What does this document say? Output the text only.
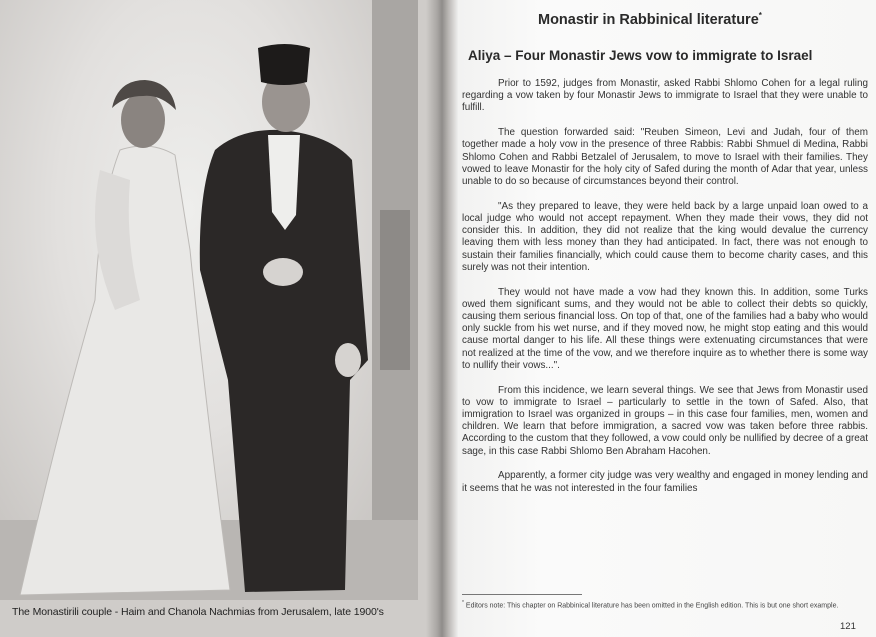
The Monastirili couple - Haim and Chanola Nachmias from Jerusalem, late 1900's
Monastir in Rabbinical literature*
Aliya – Four Monastir Jews vow to immigrate to Israel

Prior to 1592, judges from Monastir, asked Rabbi Shlomo Cohen for a legal ruling regarding a vow taken by four Monastir Jews to immigrate to Israel that they were unable to fulfill.

The question forwarded said: "Reuben Simeon, Levi and Judah, four of them together made a holy vow in the presence of three Rabbis: Rabbi Shmuel di Medina, Rabbi Shlomo Cohen and Rabbi Betzalel of Jerusalem, to move to Israel with their families. They vowed to leave Monastir for the holy city of Safed during the month of Adar that year, unless unable to do so because of circumstances beyond their control.

"As they prepared to leave, they were held back by a large unpaid loan owed to a local judge who would not accept repayment. When they made their vows, they did not consider this. In addition, they did not realize that the king would devalue the currency leaving them with less money than they had anticipated. In fact, there was not enough to sustain their families financially, which could cause them to become charity cases, and this surely was not their intention.

They would not have made a vow had they known this. In addition, some Turks owed them significant sums, and they would not be able to collect their debts so quickly, causing them serious financial loss. On top of that, one of the families had a baby who would only suckle from his wet nurse, and if they moved now, he might stop eating and this would cause mortal danger to his life. All these things were extenuating circumstances that were not realized at the time of the vow, and we therefore inquire as to whether there is some way to nullify their vows...".

From this incidence, we learn several things. We see that Jews from Monastir used to vow to immigrate to Israel – particularly to settle in the town of Safed. Also, that immigration to Israel was organized in groups – in this case four families, men, women and children. We learn that before immigration, a sacred vow was taken before three rabbis. According to the custom that they followed, a vow could only be nullified by decree of a great sage, in this case Rabbi Shlomo Ben Abraham Hacohen.

Apparently, a former city judge was very wealthy and engaged in money lending and it seems that he was not interested in the four families

* Editors note: This chapter on Rabbinical literature has been omitted in the English edition. This is but one short example.
121
